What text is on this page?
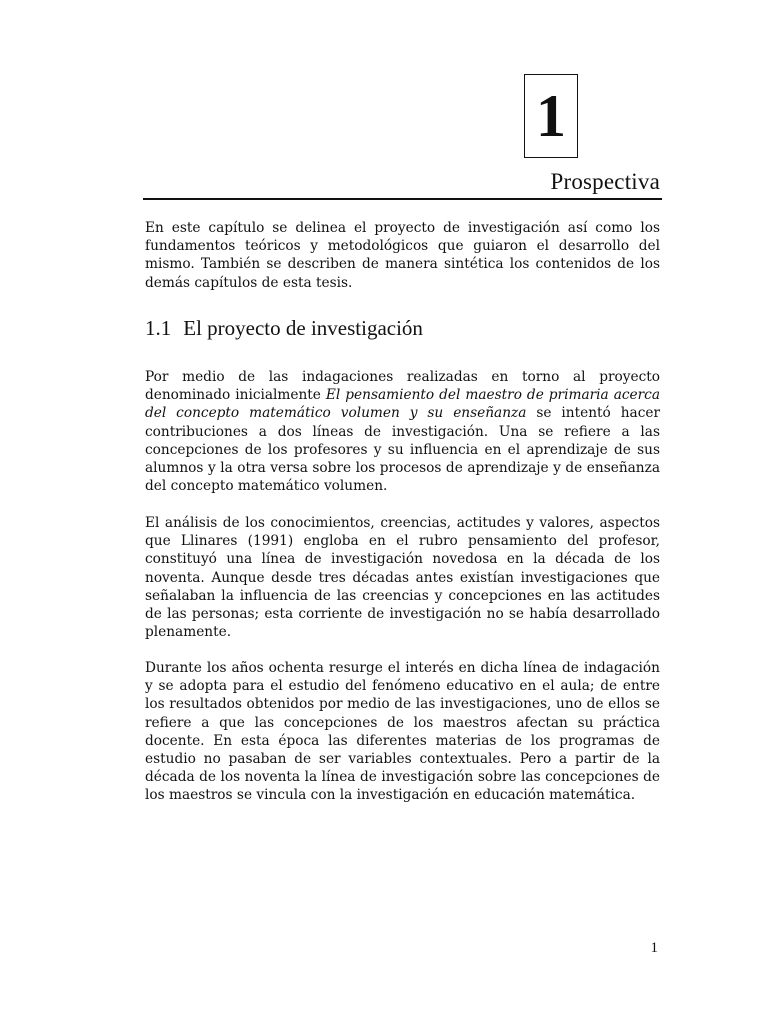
1
Prospectiva

En este capítulo se delinea el proyecto de investigación así como los fundamentos teóricos y metodológicos que guiaron el desarrollo del mismo. También se describen de manera sintética los contenidos de los demás capítulos de esta tesis.

1.1 El proyecto de investigación

Por medio de las indagaciones realizadas en torno al proyecto denominado inicialmente El pensamiento del maestro de primaria acerca del concepto matemático volumen y su enseñanza se intentó hacer contribuciones a dos líneas de investigación. Una se refiere a las concepciones de los profesores y su influencia en el aprendizaje de sus alumnos y la otra versa sobre los procesos de aprendizaje y de enseñanza del concepto matemático volumen.

El análisis de los conocimientos, creencias, actitudes y valores, aspectos que Llinares (1991) engloba en el rubro pensamiento del profesor, constituyó una línea de investigación novedosa en la década de los noventa. Aunque desde tres décadas antes existían investigaciones que señalaban la influencia de las creencias y concepciones en las actitudes de las personas; esta corriente de investigación no se había desarrollado plenamente.

Durante los años ochenta resurge el interés en dicha línea de indagación y se adopta para el estudio del fenómeno educativo en el aula; de entre los resultados obtenidos por medio de las investigaciones, uno de ellos se refiere a que las concepciones de los maestros afectan su práctica docente. En esta época las diferentes materias de los programas de estudio no pasaban de ser variables contextuales. Pero a partir de la década de los noventa la línea de investigación sobre las concepciones de los maestros se vincula con la investigación en educación matemática.

1
